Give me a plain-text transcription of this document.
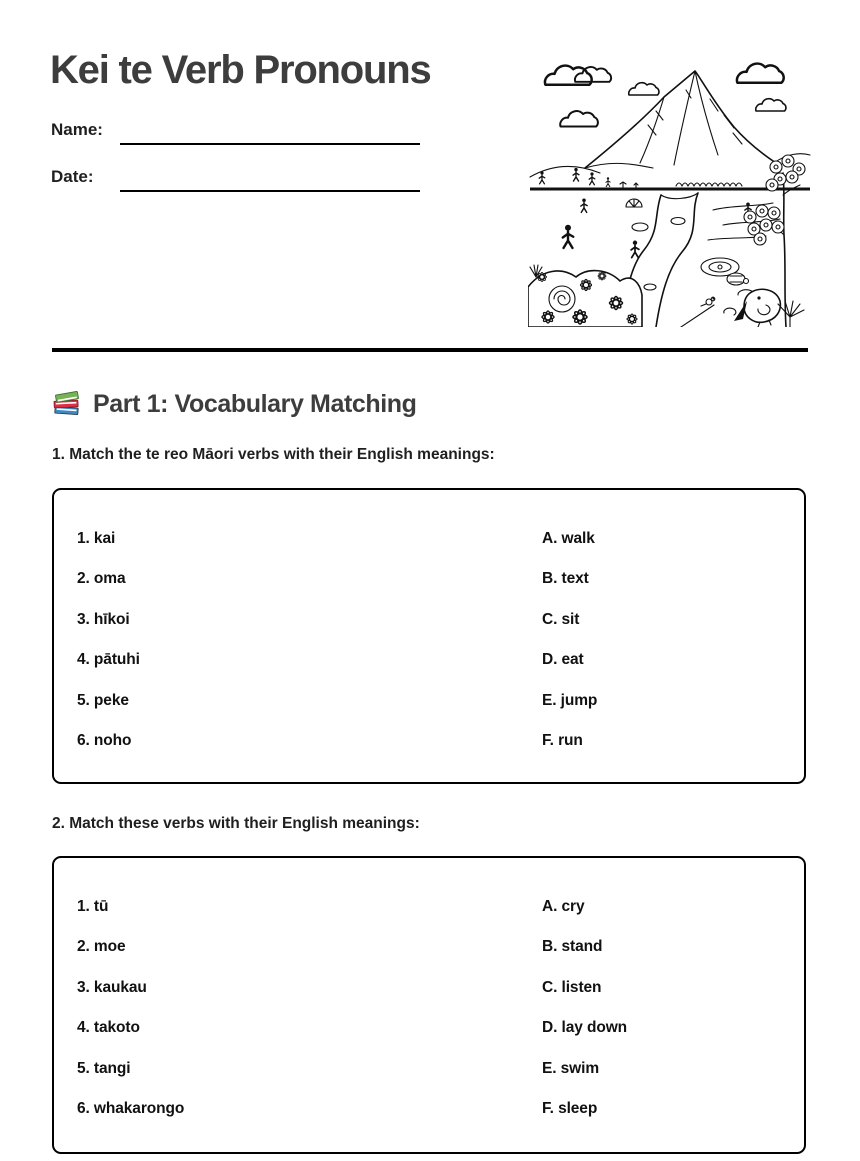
Kei te Verb Pronouns
Name:
Date:
Part 1: Vocabulary Matching

1. Match the te reo Māori verbs with their English meanings:

1. kai	A. walk
2. oma	B. text
3. hīkoi	C. sit
4. pātuhi	D. eat
5. peke	E. jump
6. noho	F. run

2. Match these verbs with their English meanings:

1. tū	A. cry
2. moe	B. stand
3. kaukau	C. listen
4. takoto	D. lay down
5. tangi	E. swim
6. whakarongo	F. sleep
